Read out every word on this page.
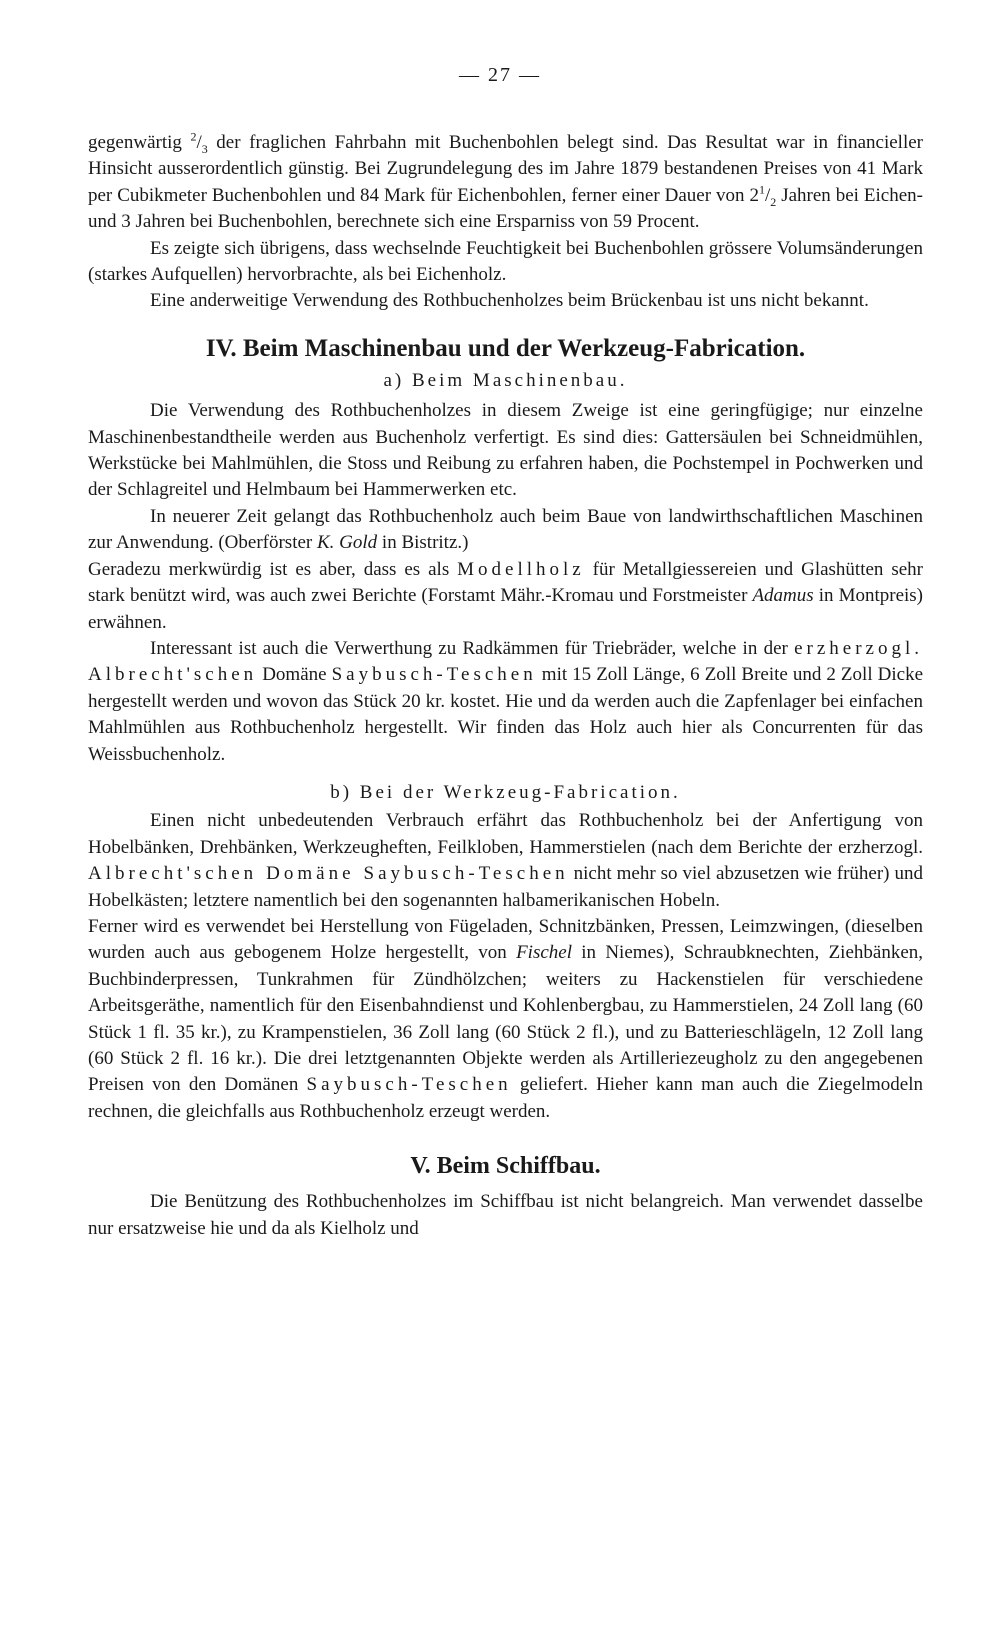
— 27 —

gegenwärtig $^2/_3$ der fraglichen Fahrbahn mit Buchenbohlen belegt sind. Das Resultat war in financieller Hinsicht ausserordentlich günstig. Bei Zugrundelegung des im Jahre 1879 bestandenen Preises von 41 Mark per Cubikmeter Buchenbohlen und 84 Mark für Eichenbohlen, ferner einer Dauer von $2^1/_2$ Jahren bei Eichen- und 3 Jahren bei Buchenbohlen, berechnete sich eine Ersparniss von 59 Procent.

Es zeigte sich übrigens, dass wechselnde Feuchtigkeit bei Buchenbohlen grössere Volumsänderungen (starkes Aufquellen) hervorbrachte, als bei Eichenholz.

Eine anderweitige Verwendung des Rothbuchenholzes beim Brückenbau ist uns nicht bekannt.

IV. Beim Maschinenbau und der Werkzeug-Fabrication.
a) Beim Maschinenbau.

Die Verwendung des Rothbuchenholzes in diesem Zweige ist eine geringfügige; nur einzelne Maschinenbestandtheile werden aus Buchenholz verfertigt. Es sind dies: Gattersäulen bei Schneidmühlen, Werkstücke bei Mahlmühlen, die Stoss und Reibung zu erfahren haben, die Pochstempel in Pochwerken und der Schlagreitel und Helmbaum bei Hammerwerken etc.

In neuerer Zeit gelangt das Rothbuchenholz auch beim Baue von landwirthschaftlichen Maschinen zur Anwendung. (Oberförster K. Gold in Bistritz.)

Geradezu merkwürdig ist es aber, dass es als Modellholz für Metallgiessereien und Glashütten sehr stark benützt wird, was auch zwei Berichte (Forstamt Mähr.-Kromau und Forstmeister Adamus in Montpreis) erwähnen.

Interessant ist auch die Verwerthung zu Radkämmen für Triebräder, welche in der erzherzogl. Albrecht'schen Domäne Saybusch-Teschen mit 15 Zoll Länge, 6 Zoll Breite und 2 Zoll Dicke hergestellt werden und wovon das Stück 20 kr. kostet. Hie und da werden auch die Zapfenlager bei einfachen Mahlmühlen aus Rothbuchenholz hergestellt. Wir finden das Holz auch hier als Concurrenten für das Weissbuchenholz.

b) Bei der Werkzeug-Fabrication.

Einen nicht unbedeutenden Verbrauch erfährt das Rothbuchenholz bei der Anfertigung von Hobelbänken, Drehbänken, Werkzeugheften, Feilkloben, Hammerstielen (nach dem Berichte der erzherzogl. Albrecht'schen Domäne Saybusch-Teschen nicht mehr so viel abzusetzen wie früher) und Hobelkästen; letztere namentlich bei den sogenannten halbamerikanischen Hobeln.

Ferner wird es verwendet bei Herstellung von Fügeladen, Schnitzbänken, Pressen, Leimzwingen, (dieselben wurden auch aus gebogenem Holze hergestellt, von Fischel in Niemes), Schraubknechten, Ziehbänken, Buchbinderpressen, Tunkrahmen für Zündhölzchen; weiters zu Hackenstielen für verschiedene Arbeitsgeräthe, namentlich für den Eisenbahndienst und Kohlenbergbau, zu Hammerstielen, 24 Zoll lang (60 Stück 1 fl. 35 kr.), zu Krampenstielen, 36 Zoll lang (60 Stück 2 fl.), und zu Batterieschlägeln, 12 Zoll lang (60 Stück 2 fl. 16 kr.). Die drei letztgenannten Objekte werden als Artilleriezeugholz zu den angegebenen Preisen von den Domänen Saybusch-Teschen geliefert. Hieher kann man auch die Ziegelmodeln rechnen, die gleichfalls aus Rothbuchenholz erzeugt werden.

V. Beim Schiffbau.

Die Benützung des Rothbuchenholzes im Schiffbau ist nicht belangreich. Man verwendet dasselbe nur ersatzweise hie und da als Kielholz und
